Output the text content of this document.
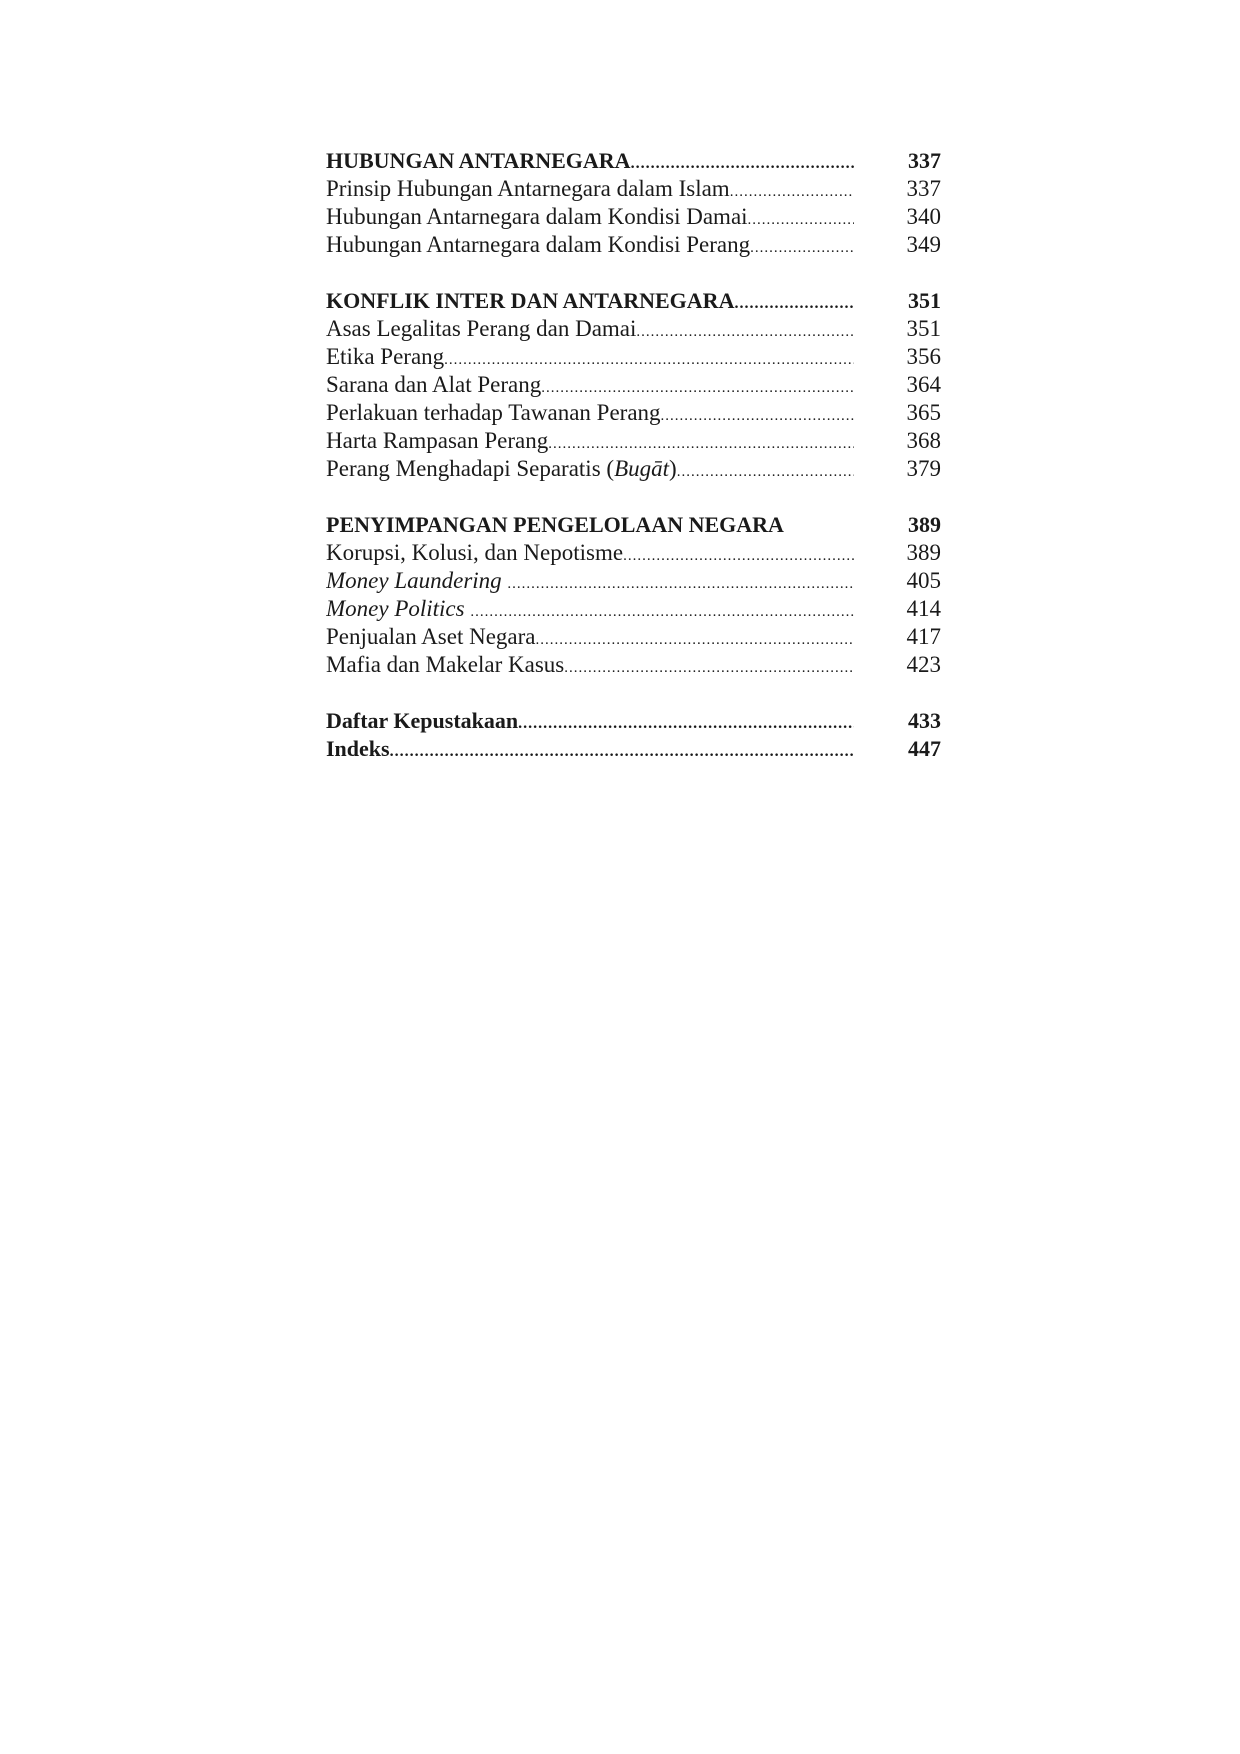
HUBUNGAN ANTARNEGARA .....	337
Prinsip Hubungan Antarnegara dalam Islam .....	337
Hubungan Antarnegara dalam Kondisi Damai .....	340
Hubungan Antarnegara dalam Kondisi Perang .....	349
KONFLIK INTER DAN ANTARNEGARA .....	351
Asas Legalitas Perang dan Damai .....	351
Etika Perang .....	356
Sarana dan Alat Perang .....	364
Perlakuan terhadap Tawanan Perang .....	365
Harta Rampasan Perang .....	368
Perang Menghadapi Separatis (Bugāt) .....	379
PENYIMPANGAN PENGELOLAAN NEGARA	389
Korupsi, Kolusi, dan Nepotisme .....	389
Money Laundering .....	405
Money Politics .....	414
Penjualan Aset Negara .....	417
Mafia dan Makelar Kasus .....	423
Daftar Kepustakaan .....	433
Indeks .....	447
